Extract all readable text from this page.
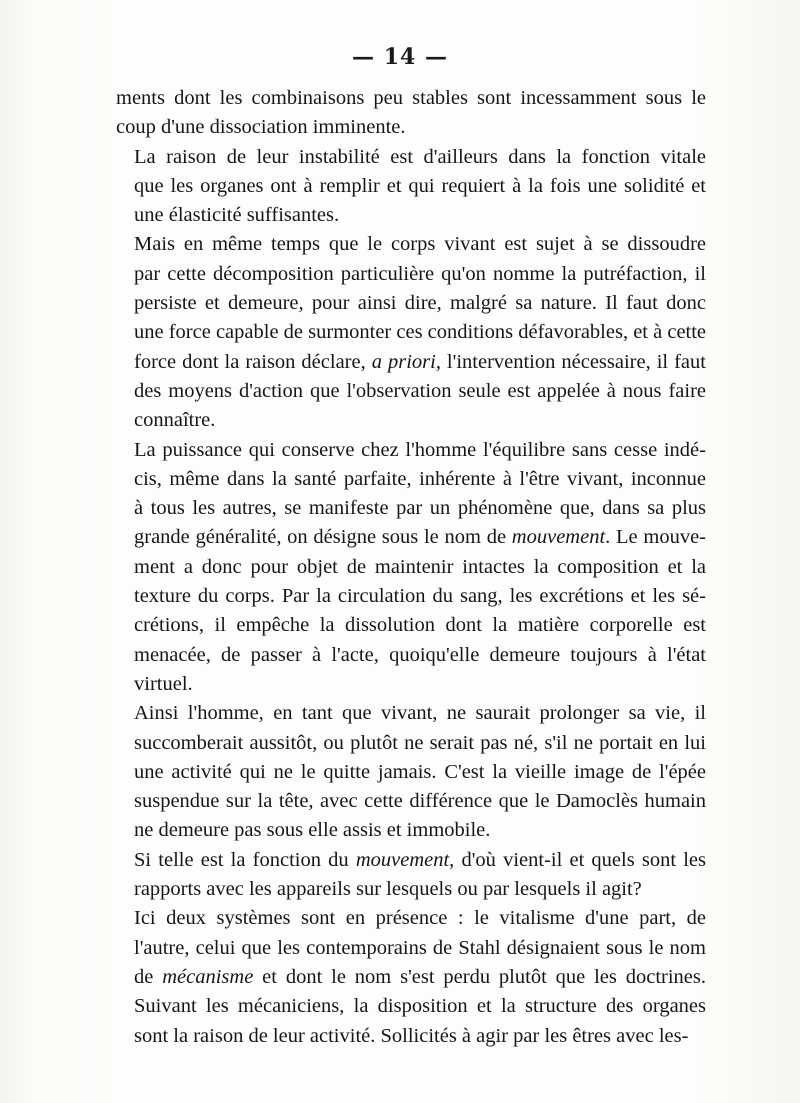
— 14 —
ments dont les combinaisons peu stables sont incessamment sous le
coup d'une dissociation imminente.
La raison de leur instabilité est d'ailleurs dans la fonction vitale
que les organes ont à remplir et qui requiert à la fois une solidité et
une élasticité suffisantes.
Mais en même temps que le corps vivant est sujet à se dissoudre
par cette décomposition particulière qu'on nomme la putréfaction, il
persiste et demeure, pour ainsi dire, malgré sa nature. Il faut donc
une force capable de surmonter ces conditions défavorables, et à cette
force dont la raison déclare, a priori, l'intervention nécessaire, il faut
des moyens d'action que l'observation seule est appelée à nous faire
connaître.
La puissance qui conserve chez l'homme l'équilibre sans cesse indé-
cis, même dans la santé parfaite, inhérente à l'être vivant, inconnue
à tous les autres, se manifeste par un phénomène que, dans sa plus
grande généralité, on désigne sous le nom de mouvement. Le mouve-
ment a donc pour objet de maintenir intactes la composition et la
texture du corps. Par la circulation du sang, les excrétions et les sé-
crétions, il empêche la dissolution dont la matière corporelle est
menacée, de passer à l'acte, quoiqu'elle demeure toujours à l'état
virtuel.
Ainsi l'homme, en tant que vivant, ne saurait prolonger sa vie, il
succomberait aussitôt, ou plutôt ne serait pas né, s'il ne portait en lui
une activité qui ne le quitte jamais. C'est la vieille image de l'épée
suspendue sur la tête, avec cette différence que le Damoclès humain
ne demeure pas sous elle assis et immobile.
Si telle est la fonction du mouvement, d'où vient-il et quels sont les
rapports avec les appareils sur lesquels ou par lesquels il agit?
Ici deux systèmes sont en présence : le vitalisme d'une part, de
l'autre, celui que les contemporains de Stahl désignaient sous le nom
de mécanisme et dont le nom s'est perdu plutôt que les doctrines.
Suivant les mécaniciens, la disposition et la structure des organes
sont la raison de leur activité. Sollicités à agir par les êtres avec les-
